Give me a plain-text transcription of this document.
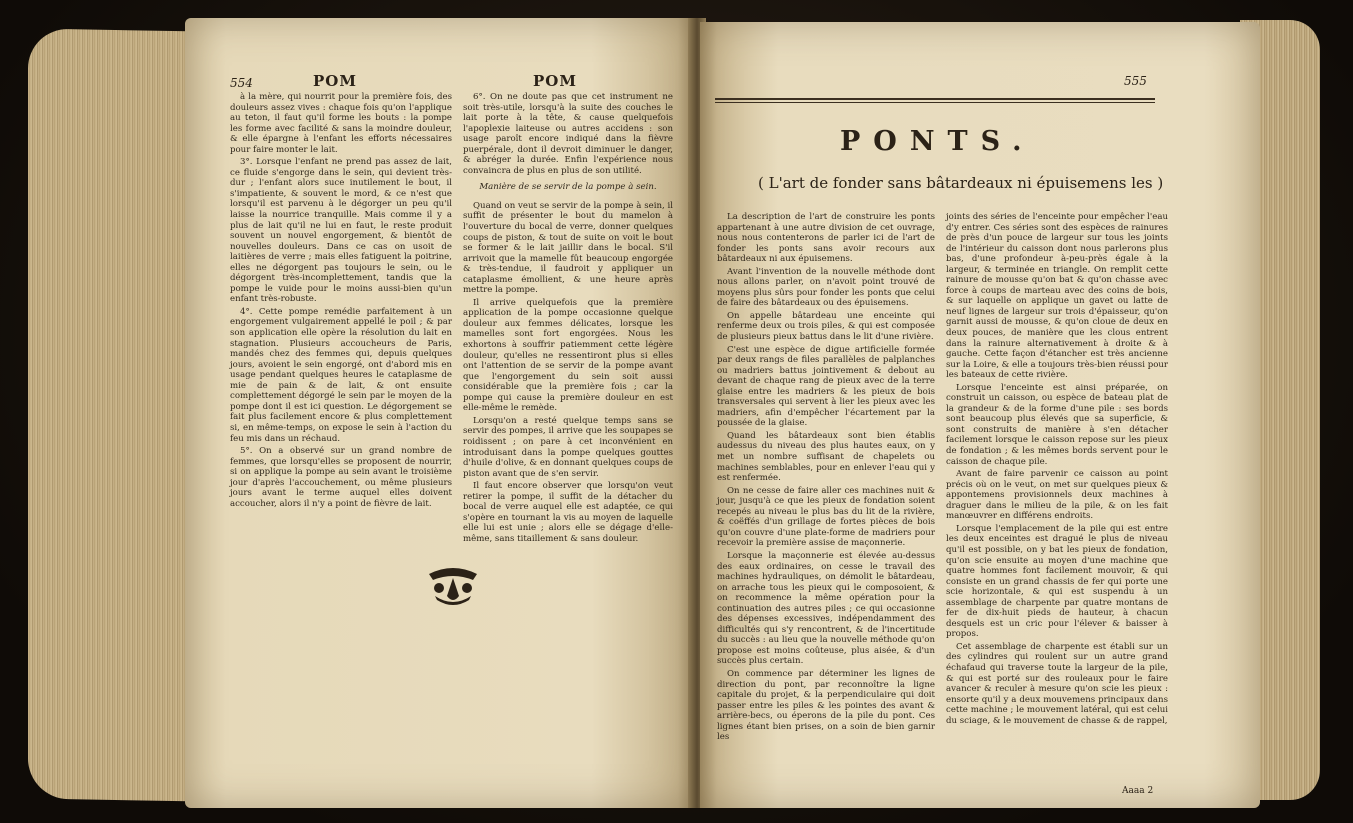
554	POM	POM

à la mère, qui nourrit pour la première fois, des douleurs assez vives : chaque fois qu'on l'applique au teton, il faut qu'il forme les bouts : la pompe les forme avec facilité & sans la moindre douleur, & elle épargne à l'enfant les efforts nécessaires pour faire monter le lait.

3°. Lorsque l'enfant ne prend pas assez de lait, ce fluide s'engorge dans le sein, qui devient très-dur ; l'enfant alors suce inutilement le bout, il s'impatiente, & souvent le mord, & ce n'est que lorsqu'il est parvenu à le dégorger un peu qu'il laisse la nourrice tranquille. Mais comme il y a plus de lait qu'il ne lui en faut, le reste produit souvent un nouvel engorgement, & bientôt de nouvelles douleurs. Dans ce cas on usoit de laitières de verre ; mais elles fatiguent la poitrine, elles ne dégorgent pas toujours le sein, ou le dégorgent très-incomplettement, tandis que la pompe le vuide pour le moins aussi-bien qu'un enfant très-robuste.

4°. Cette pompe remédie parfaitement à un engorgement vulgairement appellé le poil ; & par son application elle opère la résolution du lait en stagnation. Plusieurs accoucheurs de Paris, mandés chez des femmes qui, depuis quelques jours, avoient le sein engorgé, ont d'abord mis en usage pendant quelques heures le cataplasme de mie de pain & de lait, & ont ensuite complettement dégorgé le sein par le moyen de la pompe dont il est ici question. Le dégorgement se fait plus facilement encore & plus complettement si, en même-temps, on expose le sein à l'action du feu mis dans un réchaud.

5°. On a observé sur un grand nombre de femmes, que lorsqu'elles se proposent de nourrir, si on applique la pompe au sein avant le troisième jour d'après l'accouchement, ou même plusieurs jours avant le terme auquel elles doivent accoucher, alors il n'y a point de fièvre de lait.

6°. On ne doute pas que cet instrument ne soit très-utile, lorsqu'à la suite des couches le lait porte à la tête, & cause quelquefois l'apoplexie laiteuse ou autres accidens : son usage paroît encore indiqué dans la fièvre puerpérale, dont il devroit diminuer le danger, & abréger la durée. Enfin l'expérience nous convaincra de plus en plus de son utilité.

Manière de se servir de la pompe à sein.

Quand on veut se servir de la pompe à sein, il suffit de présenter le bout du mamelon à l'ouverture du bocal de verre, donner quelques coups de piston, & tout de suite on voit le bout se former & le lait jaillir dans le bocal. S'il arrivoit que la mamelle fût beaucoup engorgée & très-tendue, il faudroit y appliquer un cataplasme émollient, & une heure après mettre la pompe.

Il arrive quelquefois que la première application de la pompe occasionne quelque douleur aux femmes délicates, lorsque les mamelles sont fort engorgées. Nous les exhortons à souffrir patiemment cette légère douleur, qu'elles ne ressentiront plus si elles ont l'attention de se servir de la pompe avant que l'engorgement du sein soit aussi considérable que la première fois ; car la pompe qui cause la première douleur en est elle-même le remède.

Lorsqu'on a resté quelque temps sans se servir des pompes, il arrive que les soupapes se roidissent ; on pare à cet inconvénient en introduisant dans la pompe quelques gouttes d'huile d'olive, & en donnant quelques coups de piston avant que de s'en servir.

Il faut encore observer que lorsqu'on veut retirer la pompe, il suffit de la détacher du bocal de verre auquel elle est adaptée, ce qui s'opère en tournant la vis au moyen de laquelle elle lui est unie ; alors elle se dégage d'elle-même, sans titaillement & sans douleur.

555
PONTS.
( L'art de fonder sans bâtardeaux ni épuisemens les )

La description de l'art de construire les ponts appartenant à une autre division de cet ouvrage, nous nous contenterons de parler ici de l'art de fonder les ponts sans avoir recours aux bâtardeaux ni aux épuisemens.

Avant l'invention de la nouvelle méthode dont nous allons parler, on n'avoit point trouvé de moyens plus sûrs pour fonder les ponts que celui de faire des bâtardeaux ou des épuisemens.

On appelle bâtardeau une enceinte qui renferme deux ou trois piles, & qui est composée de plusieurs pieux battus dans le lit d'une rivière.

C'est une espèce de digue artificielle formée par deux rangs de files parallèles de palplanches ou madriers battus jointivement & debout au devant de chaque rang de pieux avec de la terre glaise entre les madriers & les pieux de bois transversales qui servent à lier les pieux avec les madriers, afin d'empêcher l'écartement par la poussée de la glaise.

Quand les bâtardeaux sont bien établis audessus du niveau des plus hautes eaux, on y met un nombre suffisant de chapelets ou machines semblables, pour en enlever l'eau qui y est renfermée.

On ne cesse de faire aller ces machines nuit & jour, jusqu'à ce que les pieux de fondation soient recepés au niveau le plus bas du lit de la rivière, & coëffés d'un grillage de fortes pièces de bois qu'on couvre d'une plate-forme de madriers pour recevoir la première assise de maçonnerie.

Lorsque la maçonnerie est élevée au-dessus des eaux ordinaires, on cesse le travail des machines hydrauliques, on démolit le bâtardeau, on arrache tous les pieux qui le composoient, & on recommence la même opération pour la continuation des autres piles ; ce qui occasionne des dépenses excessives, indépendamment des difficultés qui s'y rencontrent, & de l'incertitude du succès : au lieu que la nouvelle méthode qu'on propose est moins coûteuse, plus aisée, & d'un succès plus certain.

On commence par déterminer les lignes de direction du pont, par reconnoître la ligne capitale du projet, & la perpendiculaire qui doit passer entre les piles & les pointes des avant & arrière-becs, ou éperons de la pile du pont. Ces lignes étant bien prises, on a soin de bien garnir les

joints des séries de l'enceinte pour empêcher l'eau d'y entrer. Ces séries sont des espèces de rainures de près d'un pouce de largeur sur tous les joints de l'intérieur du caisson dont nous parlerons plus bas, d'une profondeur à-peu-près égale à la largeur, & terminée en triangle. On remplit cette rainure de mousse qu'on bat & qu'on chasse avec force à coups de marteau avec des coins de bois, & sur laquelle on applique un gavet ou latte de neuf lignes de largeur sur trois d'épaisseur, qu'on garnit aussi de mousse, & qu'on cloue de deux en deux pouces, de manière que les clous entrent dans la rainure alternativement à droite & à gauche. Cette façon d'étancher est très ancienne sur la Loire, & elle a toujours très-bien réussi pour les bateaux de cette rivière.

Lorsque l'enceinte est ainsi préparée, on construit un caisson, ou espèce de bateau plat de la grandeur & de la forme d'une pile : ses bords sont beaucoup plus élevés que sa superficie, & sont construits de manière à s'en détacher facilement lorsque le caisson repose sur les pieux de fondation ; & les mêmes bords servent pour le caisson de chaque pile.

Avant de faire parvenir ce caisson au point précis où on le veut, on met sur quelques pieux & appontemens provisionnels deux machines à draguer dans le milieu de la pile, & on les fait manœuvrer en différens endroits.

Lorsque l'emplacement de la pile qui est entre les deux enceintes est dragué le plus de niveau qu'il est possible, on y bat les pieux de fondation, qu'on scie ensuite au moyen d'une machine que quatre hommes font facilement mouvoir, & qui consiste en un grand chassis de fer qui porte une scie horizontale, & qui est suspendu à un assemblage de charpente par quatre montans de fer de dix-huit pieds de hauteur, à chacun desquels est un cric pour l'élever & baisser à propos.

Cet assemblage de charpente est établi sur un des cylindres qui roulent sur un autre grand échafaud qui traverse toute la largeur de la pile, & qui est porté sur des rouleaux pour le faire avancer & reculer à mesure qu'on scie les pieux : ensorte qu'il y a deux mouvemens principaux dans cette machine ; le mouvement latéral, qui est celui du sciage, & le mouvement de chasse & de rappel,

Aaaa 2
